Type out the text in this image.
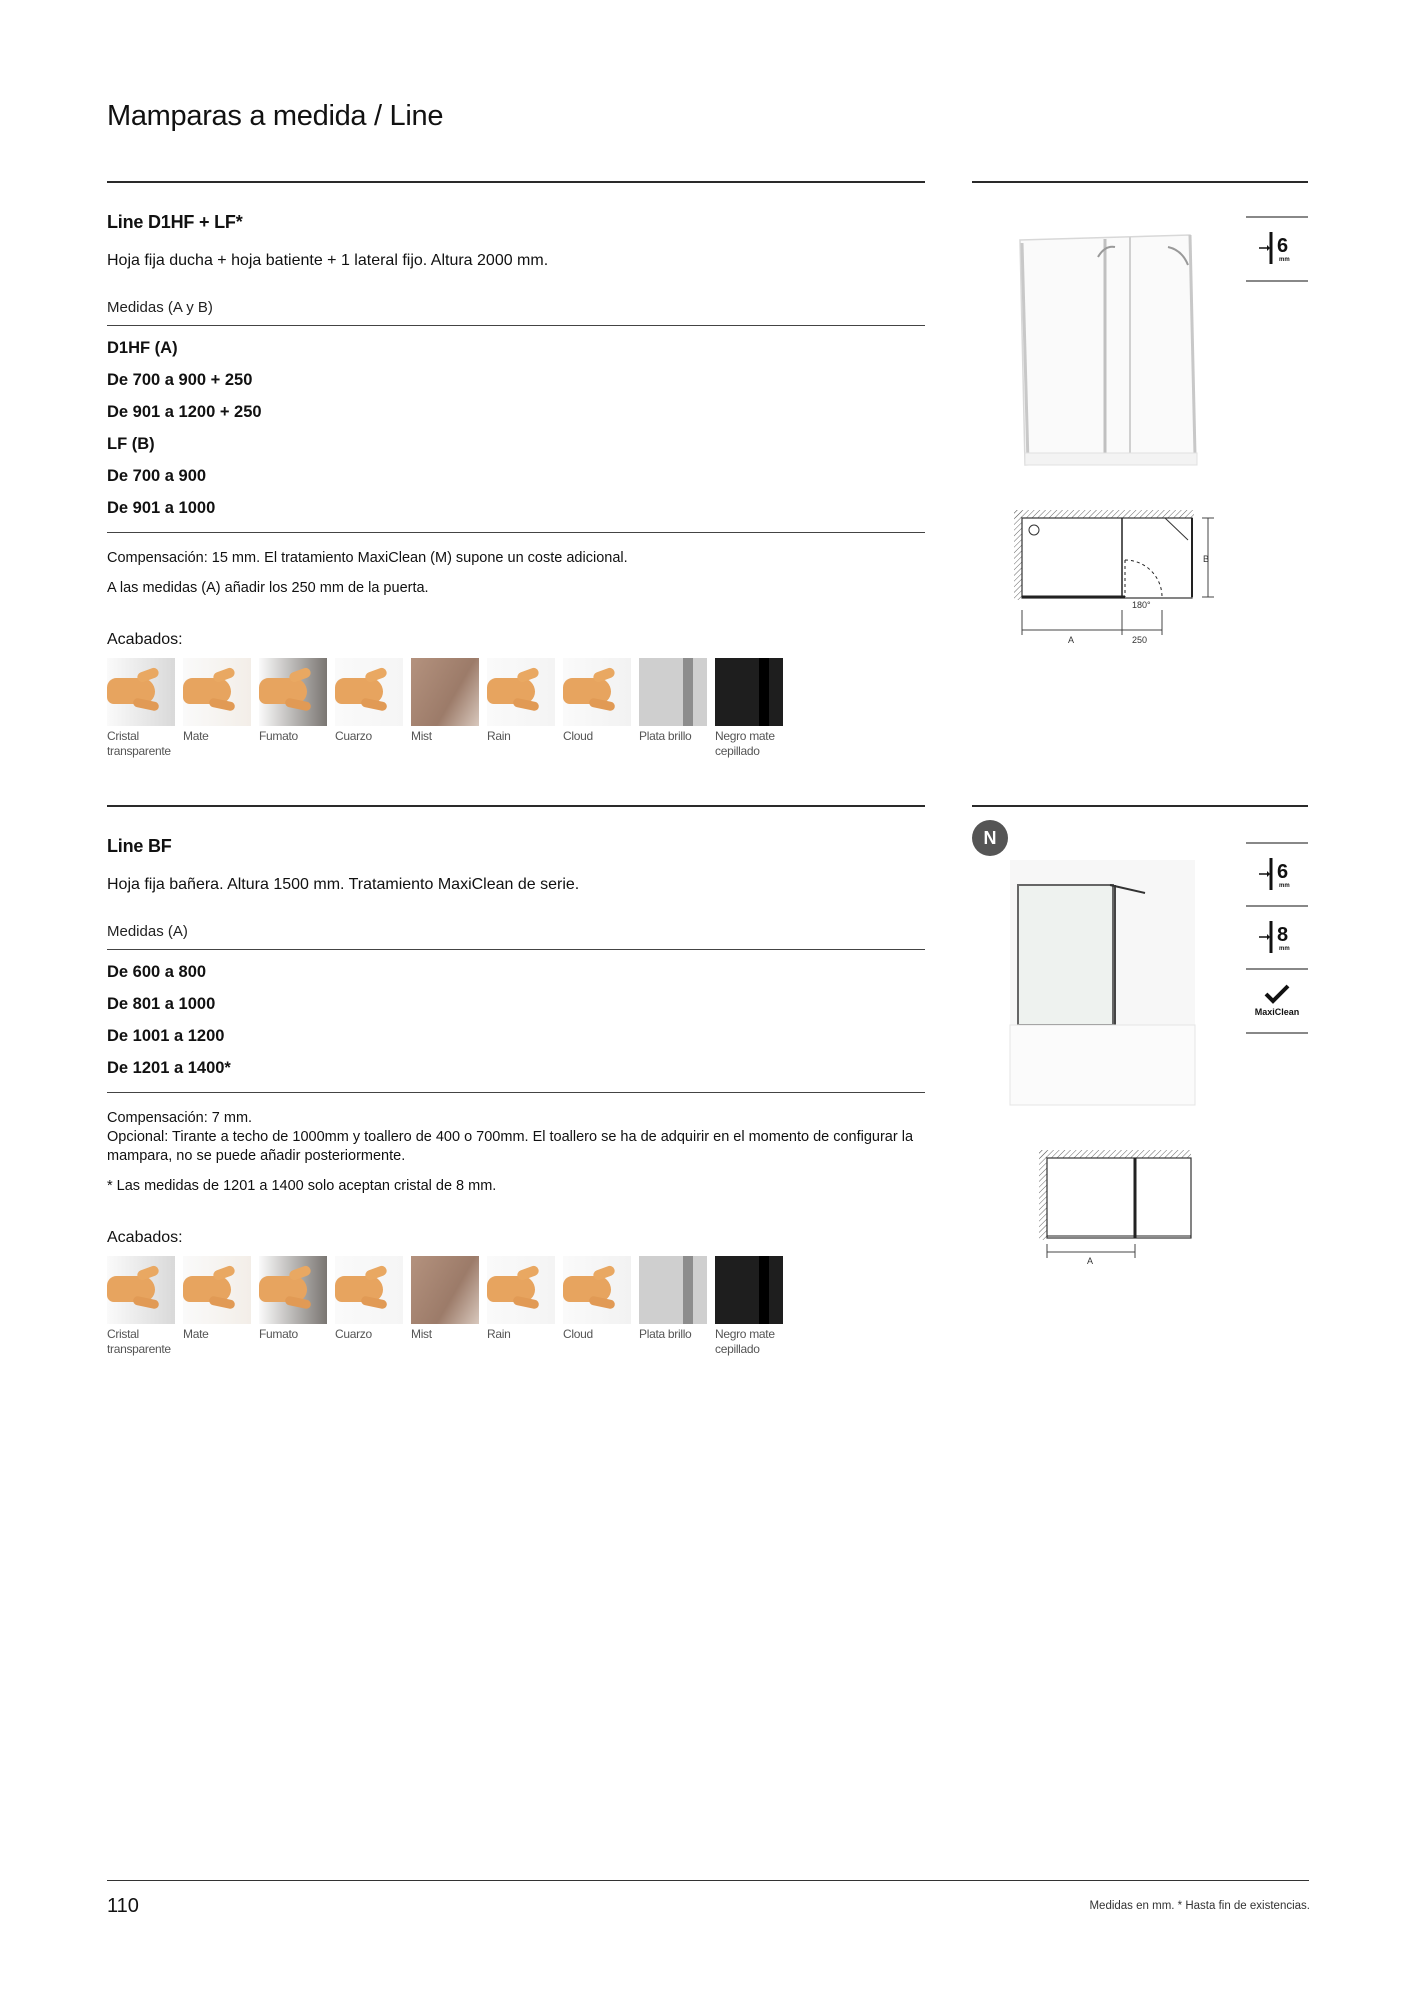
Mamparas a medida / Line
Line D1HF + LF*
Hoja fija ducha + hoja batiente + 1 lateral fijo. Altura 2000 mm.
Medidas (A y B)
D1HF (A)
De 700 a 900 + 250
De 901 a 1200 + 250
LF (B)
De 700 a 900
De 901 a 1000
Compensación: 15 mm. El tratamiento MaxiClean (M) supone un coste adicional.
A las medidas (A) añadir los 250 mm de la puerta.
Acabados:
Cristal
transparente
Mate	Fumato	Cuarzo	Mist	Rain	Cloud	Plata brillo	Negro mate
cepillado
180°
B
A	250
6
mm
N
Line BF
Hoja fija bañera. Altura 1500 mm. Tratamiento MaxiClean de serie.
Medidas (A)
De 600 a 800
De 801 a 1000
De 1001 a 1200
De 1201 a 1400*
Compensación: 7 mm.
Opcional: Tirante a techo de 1000mm y toallero de 400 o 700mm. El toallero se ha de adquirir en el momento de configurar la mampara, no se puede añadir posteriormente.
* Las medidas de 1201 a 1400 solo aceptan cristal de 8 mm.
Acabados:
Cristal
transparente
Mate	Fumato	Cuarzo	Mist	Rain	Cloud	Plata brillo	Negro mate
cepillado
A
6
mm
8
mm
MaxiClean
110	Medidas en mm. * Hasta fin de existencias.
